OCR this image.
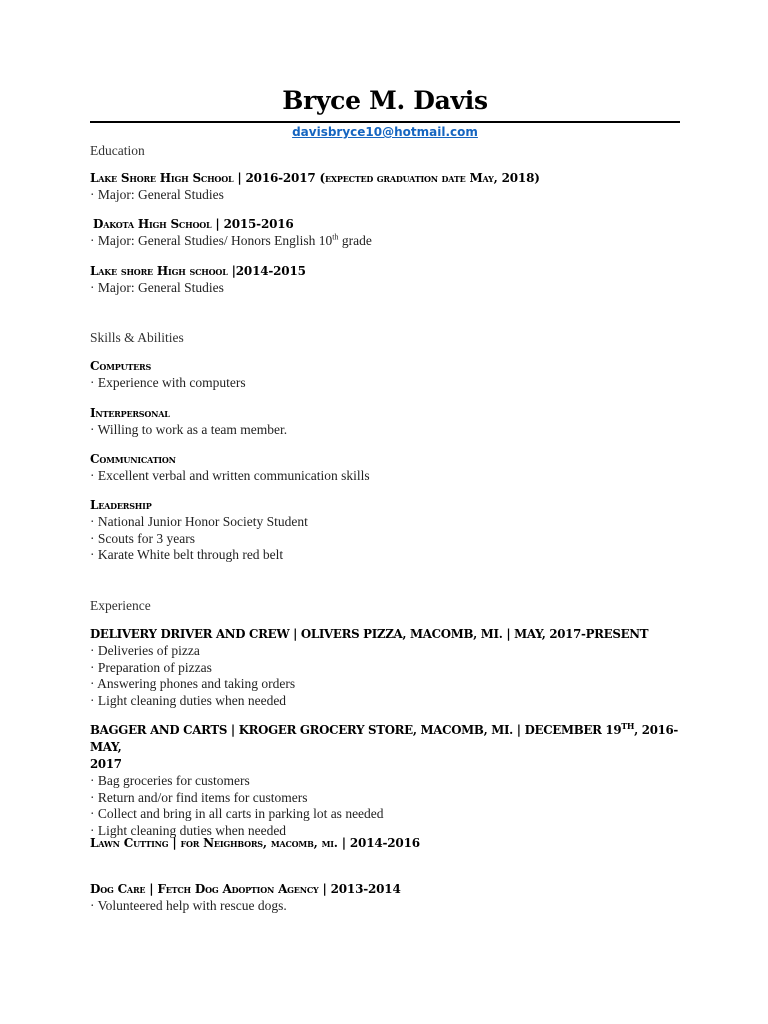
Bryce M. Davis
davisbryce10@hotmail.com

Education

Lake Shore High School | 2016-2017 (expected graduation date May, 2018)

· Major: General Studies

Dakota High School | 2015-2016

· Major: General Studies/ Honors English 10th grade

Lake shore High school |2014-2015

· Major: General Studies

Skills & Abilities

Computers

· Experience with computers

Interpersonal

· Willing to work as a team member.

Communication

· Excellent verbal and written communication skills

Leadership

· National Junior Honor Society Student

· Scouts for 3 years

· Karate White belt through red belt

Experience

DELIVERY DRIVER AND CREW | OLIVERS PIZZA, MACOMB, MI. | MAY, 2017-PRESENT

· Deliveries of pizza

· Preparation of pizzas

· Answering phones and taking orders

· Light cleaning duties when needed

BAGGER AND CARTS | KROGER GROCERY STORE, MACOMB, MI. | DECEMBER 19TH, 2016-MAY,
2017

· Bag groceries for customers

· Return and/or find items for customers

· Collect and bring in all carts in parking lot as needed

· Light cleaning duties when needed

Lawn Cutting | for Neighbors, macomb, mi. | 2014-2016

Dog Care | Fetch Dog Adoption Agency | 2013-2014

· Volunteered help with rescue dogs.
